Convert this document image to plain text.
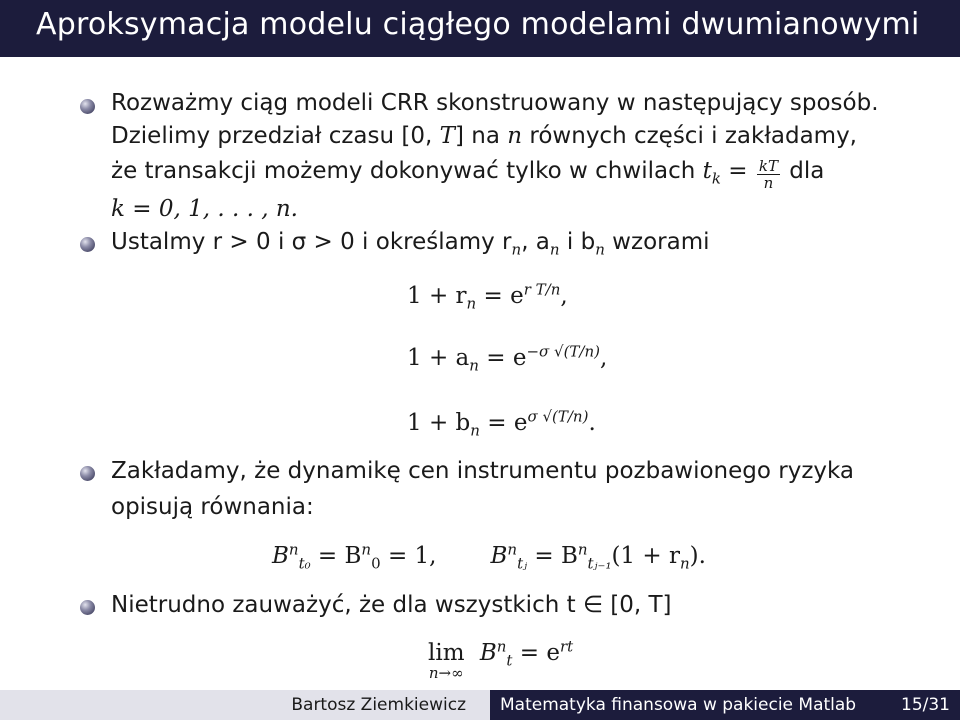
Aproksymacja modelu ciągłego modelami dwumianowymi
Rozważmy ciąg modeli CRR skonstruowany w następujący sposób.
Dzielimy przedział czasu [0, T] na n równych części i zakładamy,
że transakcji możemy dokonywać tylko w chwilach $t_k = \frac{kT}{n}$ dla
k = 0, 1, . . . , n.
Ustalmy r > 0 i σ > 0 i określamy $r_n$, $a_n$ i $b_n$ wzorami
$1 + r_n = e^{r T/n}$,
$1 + a_n = e^{-\sigma √(T/n)}$,
$1 + b_n = e^{\sigma √(T/n)}$.
Zakładamy, że dynamikę cen instrumentu pozbawionego ryzyka
opisują równania:
$B^n_{t_0} = B^n_0 = 1$, $B^n_{tⱼ} = B^n_{tⱼ_{-1}}(1 + r_n)$.
Nietrudno zauważyć, że dla wszystkich t ∈ [0, T]
lim
n→∞
$B^n_t = e^{rt}$
Bartosz Ziemkiewicz Matematyka finansowa w pakiecie Matlab	15/31
